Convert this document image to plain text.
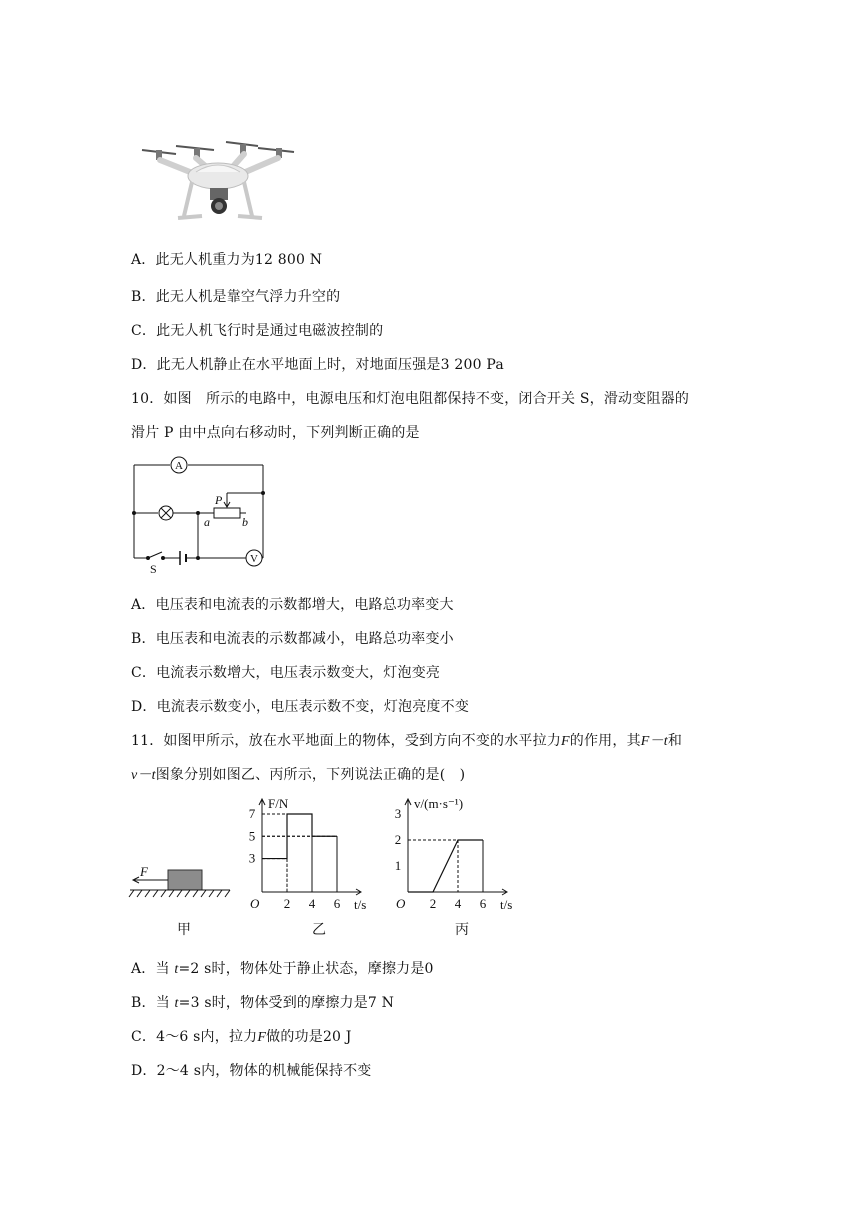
A．此无人机重力为12 800 N
B．此无人机是靠空气浮力升空的
C．此无人机飞行时是通过电磁波控制的
D．此无人机静止在水平地面上时，对地面压强是3 200 Pa
10．如图　所示的电路中，电源电压和灯泡电阻都保持不变，闭合开关 S，滑动变阻器的
滑片 P 由中点向右移动时，下列判断正确的是
A
P
a	b
V
S
A．电压表和电流表的示数都增大，电路总功率变大
B．电压表和电流表的示数都减小，电路总功率变小
C．电流表示数增大，电压表示数变大，灯泡变亮
D．电流表示数变小，电压表示数不变，灯泡亮度不变
11．如图甲所示，放在水平地面上的物体，受到方向不变的水平拉力F的作用，其F－t和
v－t图象分别如图乙、丙所示，下列说法正确的是(　)
F
甲
F/N
t/s
O
3
5
7
2 4 6
乙
v/(m·s⁻¹)
t/s
O
1
2
3
2 4 6
丙
A．当 t=2 s时，物体处于静止状态，摩擦力是0
B．当 t=3 s时，物体受到的摩擦力是7 N
C．4～6 s内，拉力F做的功是20 J
D．2～4 s内，物体的机械能保持不变
